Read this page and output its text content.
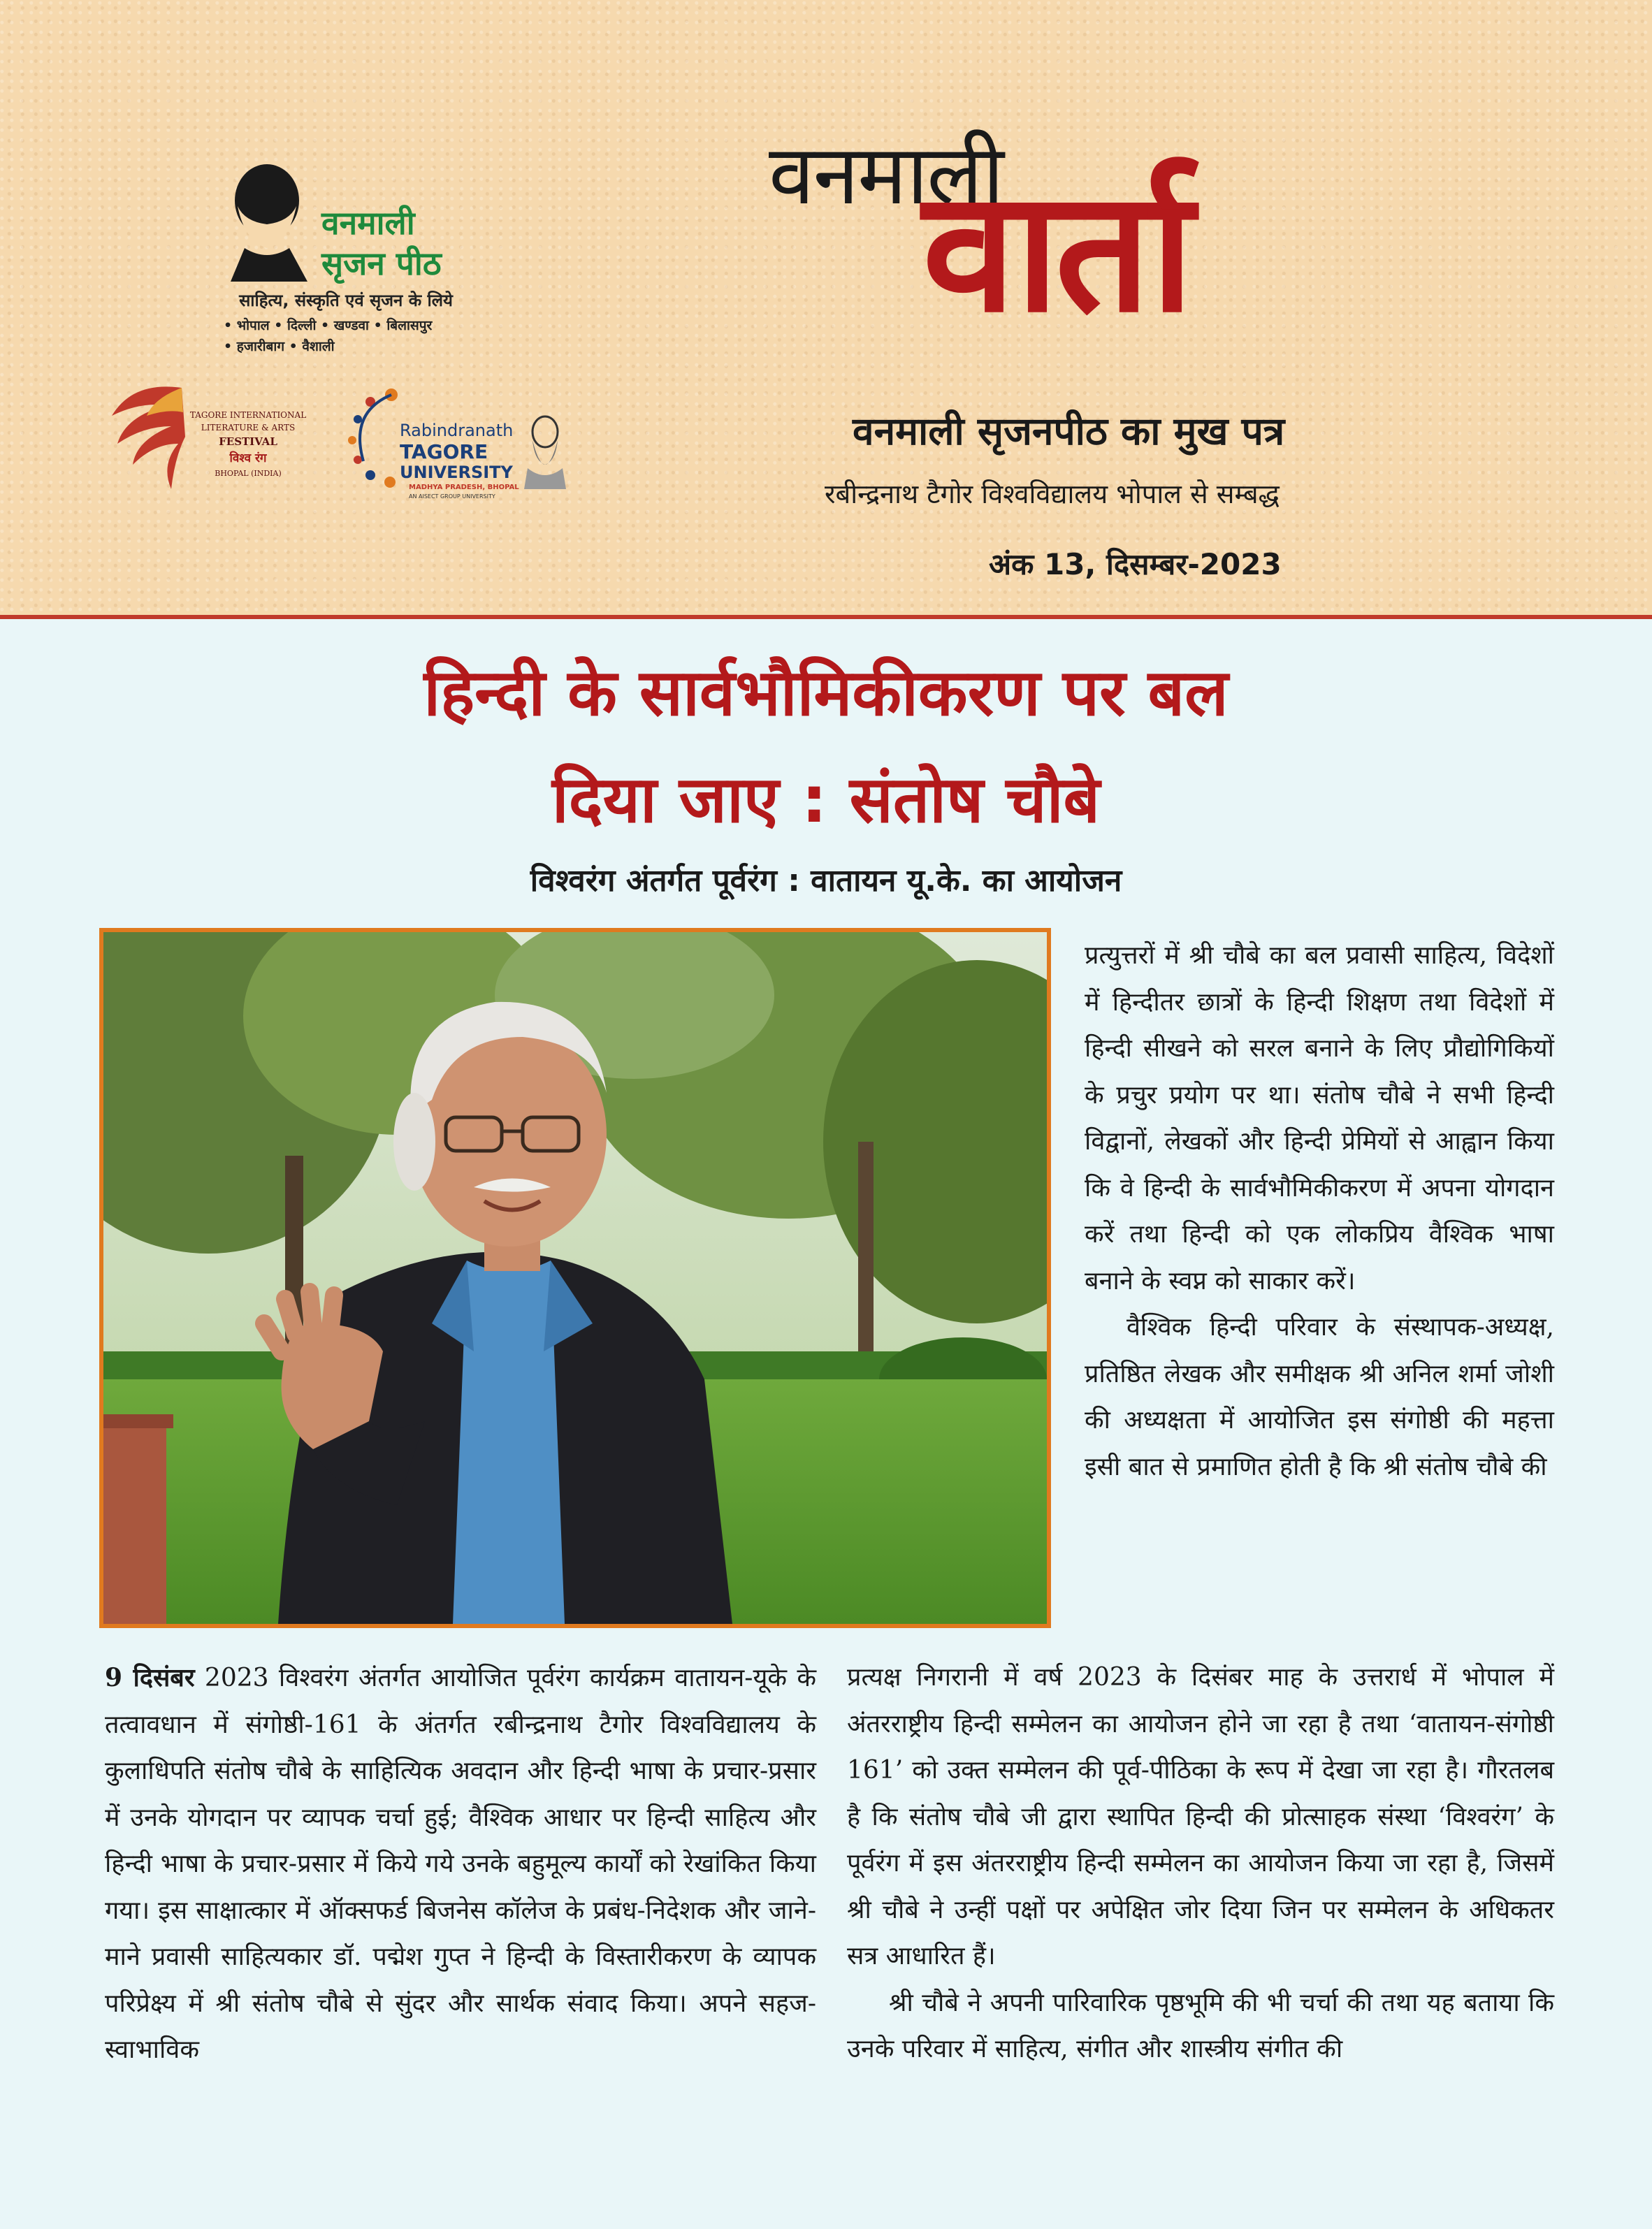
वनमाली
सृजन पीठ
साहित्य, संस्कृति एवं सृजन के लिये
• भोपाल • दिल्ली • खण्डवा • बिलासपुर
• हजारीबाग • वैशाली
TAGORE INTERNATIONAL
LITERATURE & ARTS
FESTIVAL
विश्व रंग
BHOPAL (INDIA)
Rabindranath
TAGORE
UNIVERSITY
MADHYA PRADESH, BHOPAL
AN AISECT GROUP UNIVERSITY
वनमाली
वार्ता
वनमाली सृजनपीठ का मुख पत्र
रबीन्द्रनाथ टैगोर विश्वविद्यालय भोपाल से सम्बद्ध
अंक 13, दिसम्बर-2023
हिन्दी के सार्वभौमिकीकरण पर बल
दिया जाए : संतोष चौबे
विश्वरंग अंतर्गत पूर्वरंग : वातायन यू.के. का आयोजन

प्रत्युत्तरों में श्री चौबे का बल प्रवासी साहित्य, विदेशों में हिन्दीतर छात्रों के हिन्दी शिक्षण तथा विदेशों में हिन्दी सीखने को सरल बनाने के लिए प्रौद्योगिकियों के प्रचुर प्रयोग पर था। संतोष चौबे ने सभी हिन्दी विद्वानों, लेखकों और हिन्दी प्रेमियों से आह्वान किया कि वे हिन्दी के सार्वभौमिकीकरण में अपना योगदान करें तथा हिन्दी को एक लोकप्रिय वैश्विक भाषा बनाने के स्वप्न को साकार करें।

वैश्विक हिन्दी परिवार के संस्थापक-अध्यक्ष, प्रतिष्ठित लेखक और समीक्षक श्री अनिल शर्मा जोशी की अध्यक्षता में आयोजित इस संगोष्ठी की महत्ता इसी बात से प्रमाणित होती है कि श्री संतोष चौबे की

9 दिसंबर 2023 विश्वरंग अंतर्गत आयोजित पूर्वरंग कार्यक्रम वातायन-यूके के तत्वावधान में संगोष्ठी-161 के अंतर्गत रबीन्द्रनाथ टैगोर विश्वविद्यालय के कुलाधिपति संतोष चौबे के साहित्यिक अवदान और हिन्दी भाषा के प्रचार-प्रसार में उनके योगदान पर व्यापक चर्चा हुई; वैश्विक आधार पर हिन्दी साहित्य और हिन्दी भाषा के प्रचार-प्रसार में किये गये उनके बहुमूल्य कार्यों को रेखांकित किया गया। इस साक्षात्कार में ऑक्सफर्ड बिजनेस कॉलेज के प्रबंध-निदेशक और जाने-माने प्रवासी साहित्यकार डॉ. पद्मेश गुप्त ने हिन्दी के विस्तारीकरण के व्यापक परिप्रेक्ष्य में श्री संतोष चौबे से सुंदर और सार्थक संवाद किया। अपने सहज-स्वाभाविक

प्रत्यक्ष निगरानी में वर्ष 2023 के दिसंबर माह के उत्तरार्ध में भोपाल में अंतरराष्ट्रीय हिन्दी सम्मेलन का आयोजन होने जा रहा है तथा ‘वातायन-संगोष्ठी 161’ को उक्त सम्मेलन की पूर्व-पीठिका के रूप में देखा जा रहा है। गौरतलब है कि संतोष चौबे जी द्वारा स्थापित हिन्दी की प्रोत्साहक संस्था ‘विश्वरंग’ के पूर्वरंग में इस अंतरराष्ट्रीय हिन्दी सम्मेलन का आयोजन किया जा रहा है, जिसमें श्री चौबे ने उन्हीं पक्षों पर अपेक्षित जोर दिया जिन पर सम्मेलन के अधिकतर सत्र आधारित हैं।

श्री चौबे ने अपनी पारिवारिक पृष्ठभूमि की भी चर्चा की तथा यह बताया कि उनके परिवार में साहित्य, संगीत और शास्त्रीय संगीत की
